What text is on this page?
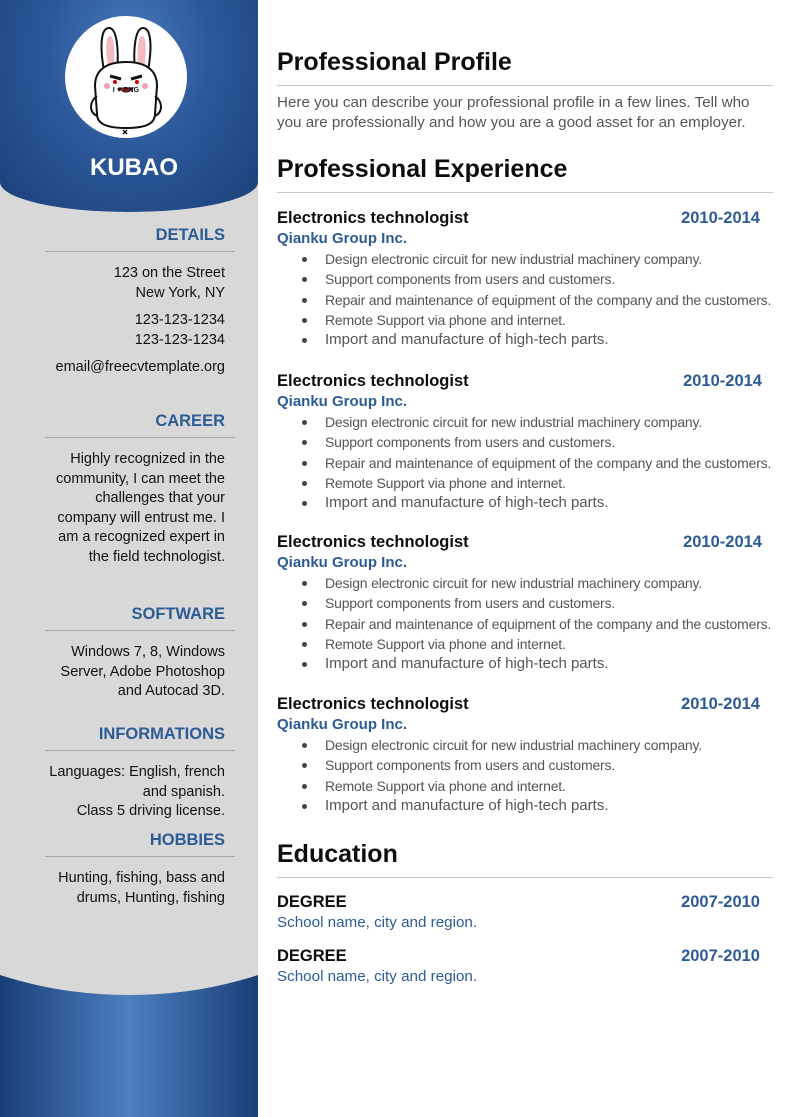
I ♥ PNG
KUBAO
DETAILS
123 on the Street
New York, NY
123-123-1234
123-123-1234
email@freecvtemplate.org
CAREER
Highly recognized in the community, I can meet the challenges that your company will entrust me. I am a recognized expert in the field technologist.
SOFTWARE
Windows 7, 8, Windows Server, Adobe Photoshop and Autocad 3D.
INFORMATIONS
Languages: English, french and spanish.
Class 5 driving license.
HOBBIES
Hunting, fishing, bass and drums, Hunting, fishing
Professional Profile
Here you can describe your professional profile in a few lines. Tell who you are professionally and how you are a good asset for an employer.
Professional Experience
Electronics technologist	2010-2014
Qianku Group Inc.
Design electronic circuit for new industrial machinery company.
Support components from users and customers.
Repair and maintenance of equipment of the company and the customers.
Remote Support via phone and internet.
Import and manufacture of high-tech parts.
Electronics technologist	2010-2014
Qianku Group Inc.
Design electronic circuit for new industrial machinery company.
Support components from users and customers.
Repair and maintenance of equipment of the company and the customers.
Remote Support via phone and internet.
Import and manufacture of high-tech parts.
Electronics technologist	2010-2014
Qianku Group Inc.
Design electronic circuit for new industrial machinery company.
Support components from users and customers.
Repair and maintenance of equipment of the company and the customers.
Remote Support via phone and internet.
Import and manufacture of high-tech parts.
Electronics technologist	2010-2014
Qianku Group Inc.
Design electronic circuit for new industrial machinery company.
Support components from users and customers.
Remote Support via phone and internet.
Import and manufacture of high-tech parts.
Education
DEGREE	2007-2010
School name, city and region.
DEGREE	2007-2010
School name, city and region.
